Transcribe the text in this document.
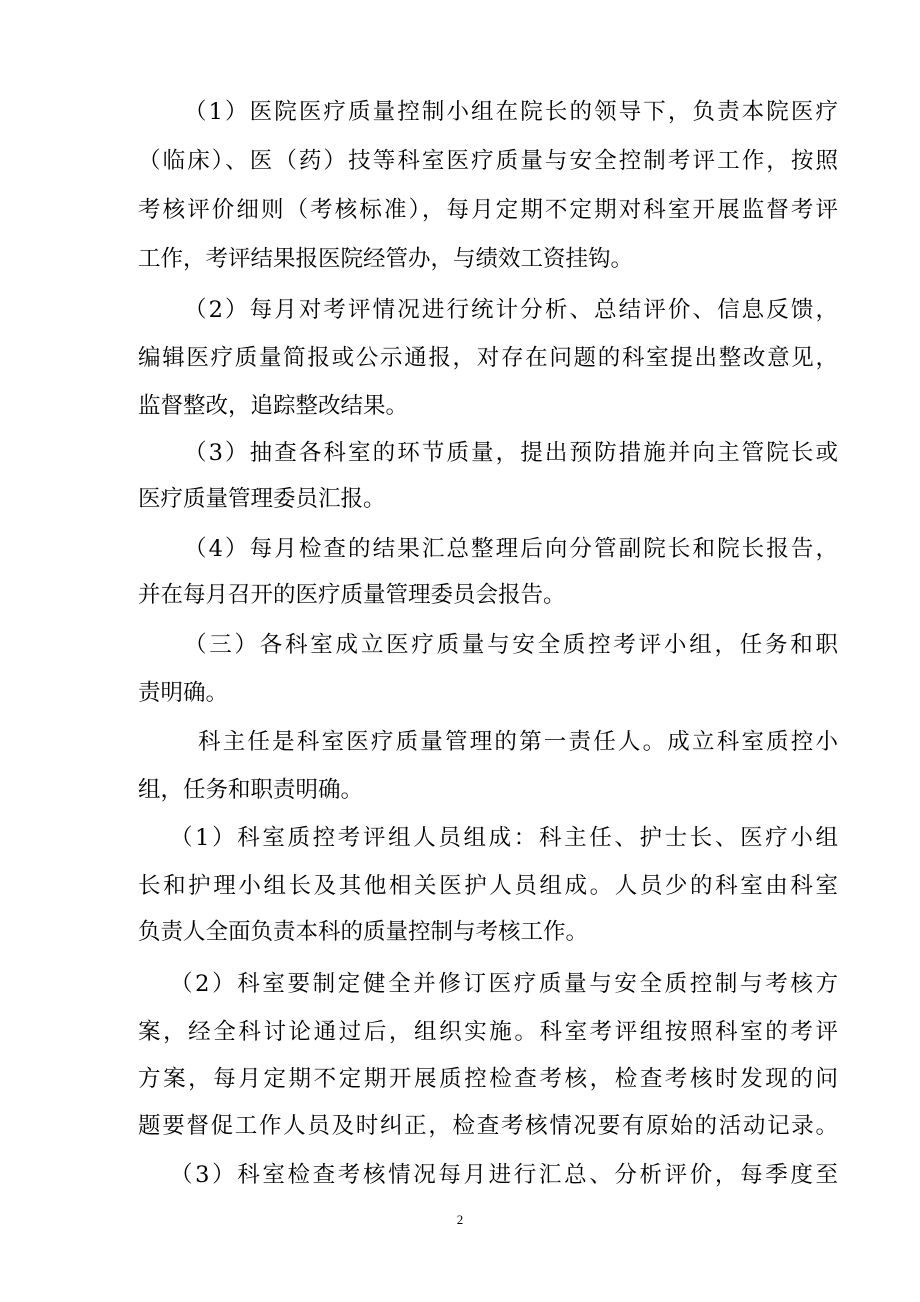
（1）医院医疗质量控制小组在院长的领导下，负责本院医疗
（临床）、医（药）技等科室医疗质量与安全控制考评工作，按照
考核评价细则（考核标准），每月定期不定期对科室开展监督考评
工作，考评结果报医院经管办，与绩效工资挂钩。
（2）每月对考评情况进行统计分析、总结评价、信息反馈，
编辑医疗质量简报或公示通报，对存在问题的科室提出整改意见，
监督整改，追踪整改结果。
（3）抽查各科室的环节质量，提出预防措施并向主管院长或
医疗质量管理委员汇报。
（4）每月检查的结果汇总整理后向分管副院长和院长报告，
并在每月召开的医疗质量管理委员会报告。
（三）各科室成立医疗质量与安全质控考评小组，任务和职
责明确。
科主任是科室医疗质量管理的第一责任人。成立科室质控小
组，任务和职责明确。
（1）科室质控考评组人员组成：科主任、护士长、医疗小组
长和护理小组长及其他相关医护人员组成。人员少的科室由科室
负责人全面负责本科的质量控制与考核工作。
（2）科室要制定健全并修订医疗质量与安全质控制与考核方
案，经全科讨论通过后，组织实施。科室考评组按照科室的考评
方案，每月定期不定期开展质控检查考核，检查考核时发现的问
题要督促工作人员及时纠正，检查考核情况要有原始的活动记录。
（3）科室检查考核情况每月进行汇总、分析评价，每季度至
2
